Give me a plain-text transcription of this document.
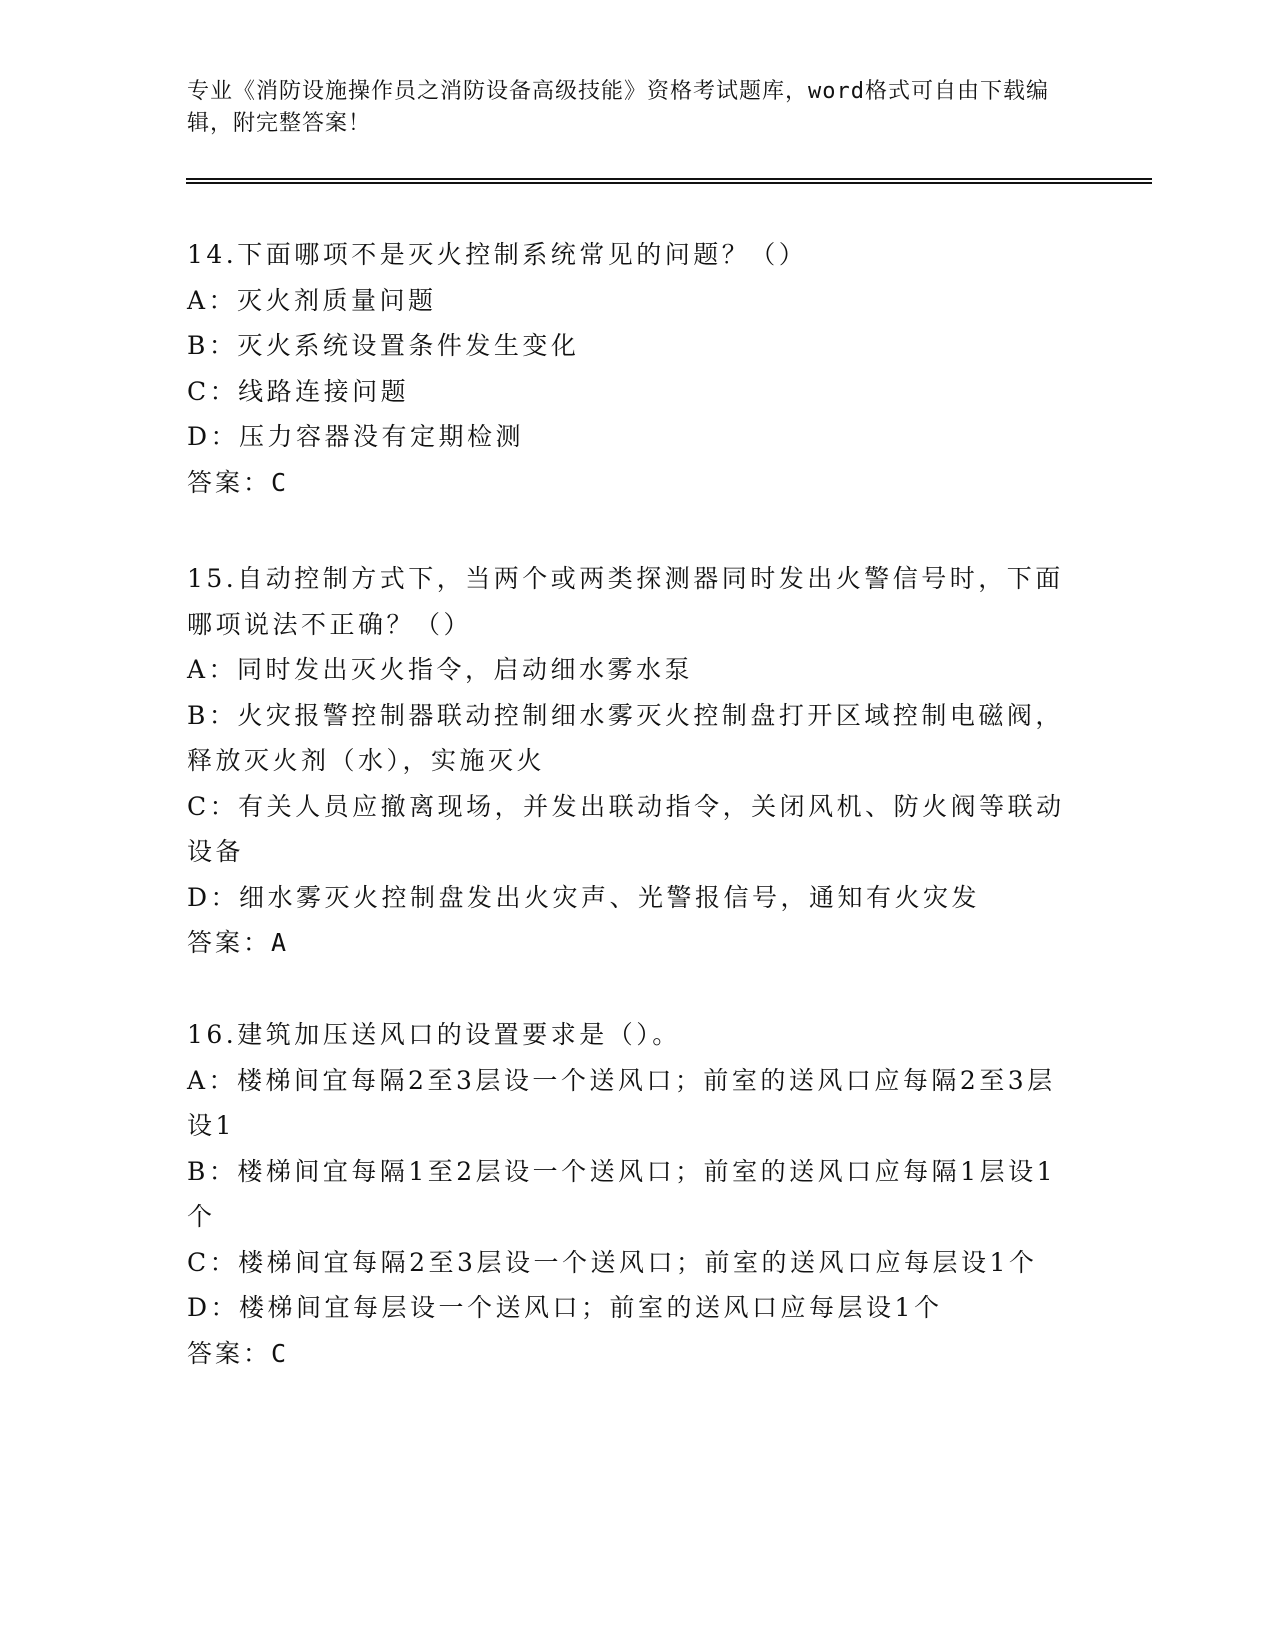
专业《消防设施操作员之消防设备高级技能》资格考试题库，word格式可自由下载编辑，附完整答案！
14.下面哪项不是灭火控制系统常见的问题？（）
A：灭火剂质量问题
B：灭火系统设置条件发生变化
C：线路连接问题
D：压力容器没有定期检测
答案：C
15.自动控制方式下，当两个或两类探测器同时发出火警信号时，下面哪项说法不正确？（）
A：同时发出灭火指令，启动细水雾水泵
B：火灾报警控制器联动控制细水雾灭火控制盘打开区域控制电磁阀，释放灭火剂（水），实施灭火
C：有关人员应撤离现场，并发出联动指令，关闭风机、防火阀等联动设备
D：细水雾灭火控制盘发出火灾声、光警报信号，通知有火灾发
答案：A
16.建筑加压送风口的设置要求是（）。
A：楼梯间宜每隔2至3层设一个送风口；前室的送风口应每隔2至3层设1
B：楼梯间宜每隔1至2层设一个送风口；前室的送风口应每隔1层设1个
C：楼梯间宜每隔2至3层设一个送风口；前室的送风口应每层设1个
D：楼梯间宜每层设一个送风口；前室的送风口应每层设1个
答案：C
